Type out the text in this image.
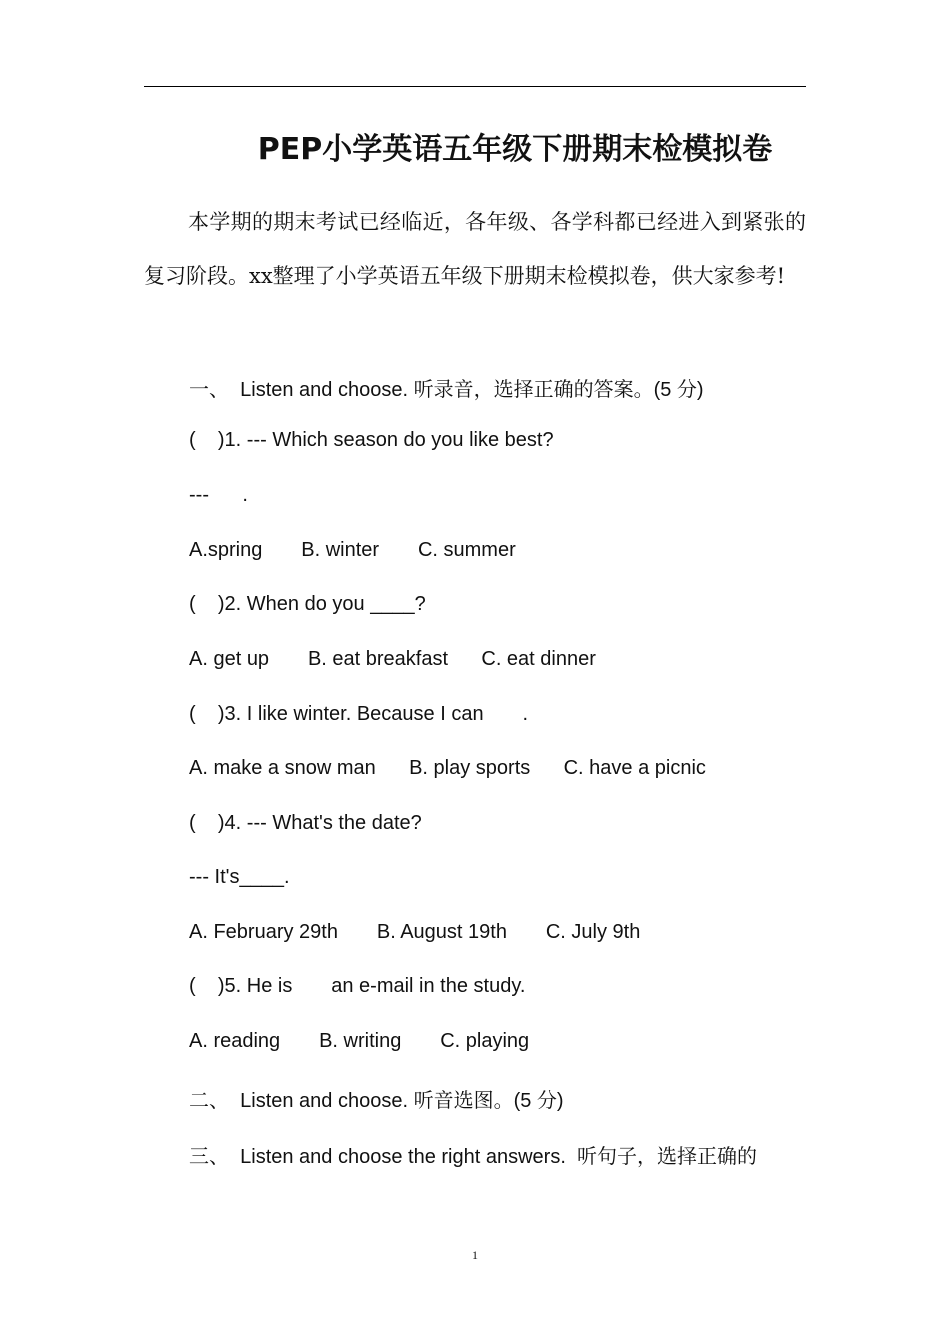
PEP小学英语五年级下册期末检模拟卷
本学期的期末考试已经临近，各年级、各学科都已经进入到紧张的复习阶段。xx整理了小学英语五年级下册期末检模拟卷，供大家参考!
一、 Listen and choose. 听录音，选择正确的答案。(5 分)
(    )1. --- Which season do you like best?
---      .
A.spring       B. winter       C. summer
(    )2. When do you ____?
A. get up       B. eat breakfast      C. eat dinner
(    )3. I like winter. Because I can       .
A. make a snow man      B. play sports      C. have a picnic
(    )4. --- What's the date?
--- It's____.
A. February 29th       B. August 19th       C. July 9th
(    )5. He is       an e-mail in the study.
A. reading       B. writing       C. playing
二、 Listen and choose. 听音选图。(5 分)
三、 Listen and choose the right answers.  听句子，选择正确的
1
